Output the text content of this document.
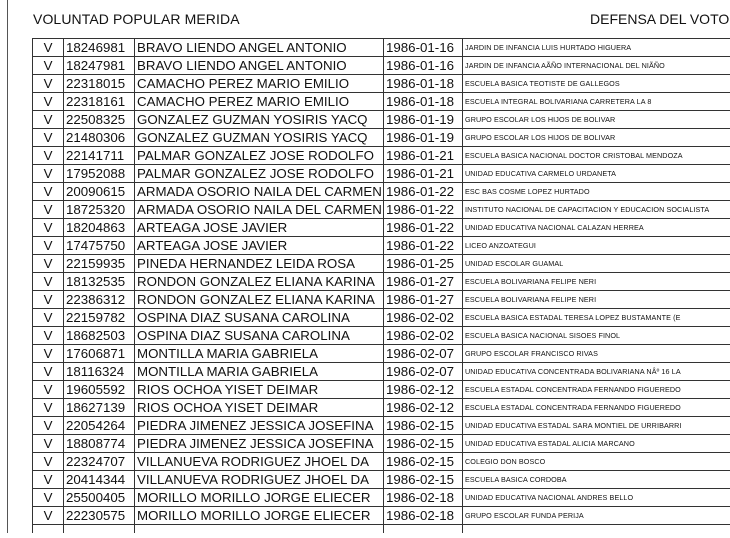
VOLUNTAD POPULAR MERIDA	DEFENSA DEL VOTO
V	18246981	BRAVO LIENDO ANGEL ANTONIO	1986-01-16	JARDIN DE INFANCIA LUIS HURTADO HIGUERA
V	18247981	BRAVO LIENDO ANGEL ANTONIO	1986-01-16	JARDIN DE INFANCIA AÃÑO INTERNACIONAL DEL NIÃÑO
V	22318015	CAMACHO PEREZ MARIO EMILIO	1986-01-18	ESCUELA BASICA TEOTISTE DE GALLEGOS
V	22318161	CAMACHO PEREZ MARIO EMILIO	1986-01-18	ESCUELA INTEGRAL BOLIVARIANA CARRETERA LA 8
V	22508325	GONZALEZ GUZMAN YOSIRIS YACQ	1986-01-19	GRUPO ESCOLAR LOS HIJOS DE BOLIVAR
V	21480306	GONZALEZ GUZMAN YOSIRIS YACQ	1986-01-19	GRUPO ESCOLAR LOS HIJOS DE BOLIVAR
V	22141711	PALMAR GONZALEZ JOSE RODOLFO	1986-01-21	ESCUELA BASICA NACIONAL DOCTOR CRISTOBAL MENDOZA
V	17952088	PALMAR GONZALEZ JOSE RODOLFO	1986-01-21	UNIDAD EDUCATIVA CARMELO URDANETA
V	20090615	ARMADA OSORIO NAILA DEL CARMEN	1986-01-22	ESC BAS COSME LOPEZ HURTADO
V	18725320	ARMADA OSORIO NAILA DEL CARMEN	1986-01-22	INSTITUTO NACIONAL DE CAPACITACION Y EDUCACION SOCIALISTA
V	18204863	ARTEAGA JOSE JAVIER	1986-01-22	UNIDAD EDUCATIVA NACIONAL CALAZAN HERREA
V	17475750	ARTEAGA JOSE JAVIER	1986-01-22	LICEO ANZOATEGUI
V	22159935	PINEDA HERNANDEZ LEIDA ROSA	1986-01-25	UNIDAD ESCOLAR GUAMAL
V	18132535	RONDON GONZALEZ ELIANA KARINA	1986-01-27	ESCUELA BOLIVARIANA FELIPE NERI
V	22386312	RONDON GONZALEZ ELIANA KARINA	1986-01-27	ESCUELA BOLIVARIANA FELIPE NERI
V	22159782	OSPINA DIAZ SUSANA CAROLINA	1986-02-02	ESCUELA BASICA ESTADAL TERESA LOPEZ BUSTAMANTE (E
V	18682503	OSPINA DIAZ SUSANA CAROLINA	1986-02-02	ESCUELA BASICA NACIONAL SISOES FINOL
V	17606871	MONTILLA MARIA GABRIELA	1986-02-07	GRUPO ESCOLAR FRANCISCO RIVAS
V	18116324	MONTILLA MARIA GABRIELA	1986-02-07	UNIDAD EDUCATIVA CONCENTRADA BOLIVARIANA NÂº 16 LA
V	19605592	RIOS OCHOA YISET DEIMAR	1986-02-12	ESCUELA ESTADAL CONCENTRADA FERNANDO FIGUEREDO
V	18627139	RIOS OCHOA YISET DEIMAR	1986-02-12	ESCUELA ESTADAL CONCENTRADA FERNANDO FIGUEREDO
V	22054264	PIEDRA JIMENEZ JESSICA JOSEFINA	1986-02-15	UNIDAD EDUCATIVA ESTADAL SARA MONTIEL DE URRIBARRI
V	18808774	PIEDRA JIMENEZ JESSICA JOSEFINA	1986-02-15	UNIDAD EDUCATIVA ESTADAL ALICIA MARCANO
V	22324707	VILLANUEVA RODRIGUEZ JHOEL DA	1986-02-15	COLEGIO DON BOSCO
V	20414344	VILLANUEVA RODRIGUEZ JHOEL DA	1986-02-15	ESCUELA BASICA CORDOBA
V	25500405	MORILLO MORILLO JORGE ELIECER	1986-02-18	UNIDAD EDUCATIVA NACIONAL ANDRES BELLO
V	22230575	MORILLO MORILLO JORGE ELIECER	1986-02-18	GRUPO ESCOLAR FUNDA PERIJA
